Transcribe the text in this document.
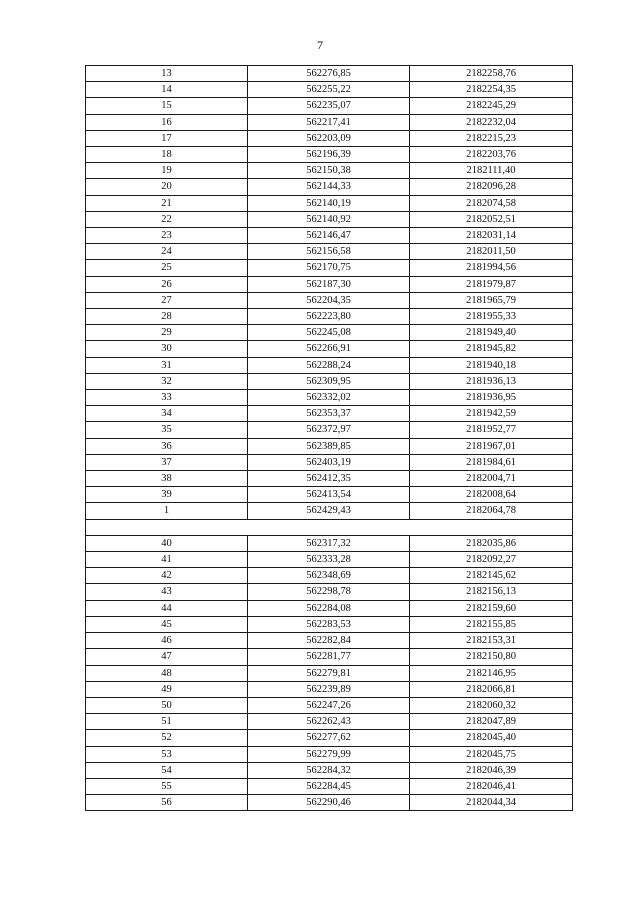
7
13	562276,85	2182258,76
14	562255,22	2182254,35
15	562235,07	2182245,29
16	562217,41	2182232,04
17	562203,09	2182215,23
18	562196,39	2182203,76
19	562150,38	2182111,40
20	562144,33	2182096,28
21	562140,19	2182074,58
22	562140,92	2182052,51
23	562146,47	2182031,14
24	562156,58	2182011,50
25	562170,75	2181994,56
26	562187,30	2181979,87
27	562204,35	2181965,79
28	562223,80	2181955,33
29	562245,08	2181949,40
30	562266,91	2181945,82
31	562288,24	2181940,18
32	562309,95	2181936,13
33	562332,02	2181936,95
34	562353,37	2181942,59
35	562372,97	2181952,77
36	562389,85	2181967,01
37	562403,19	2181984,61
38	562412,35	2182004,71
39	562413,54	2182008,64
1	562429,43	2182064,78

40	562317,32	2182035,86
41	562333,28	2182092,27
42	562348,69	2182145,62
43	562298,78	2182156,13
44	562284,08	2182159,60
45	562283,53	2182155,85
46	562282,84	2182153,31
47	562281,77	2182150,80
48	562279,81	2182146,95
49	562239,89	2182066,81
50	562247,26	2182060,32
51	562262,43	2182047,89
52	562277,62	2182045,40
53	562279,99	2182045,75
54	562284,32	2182046,39
55	562284,45	2182046,41
56	562290,46	2182044,34
